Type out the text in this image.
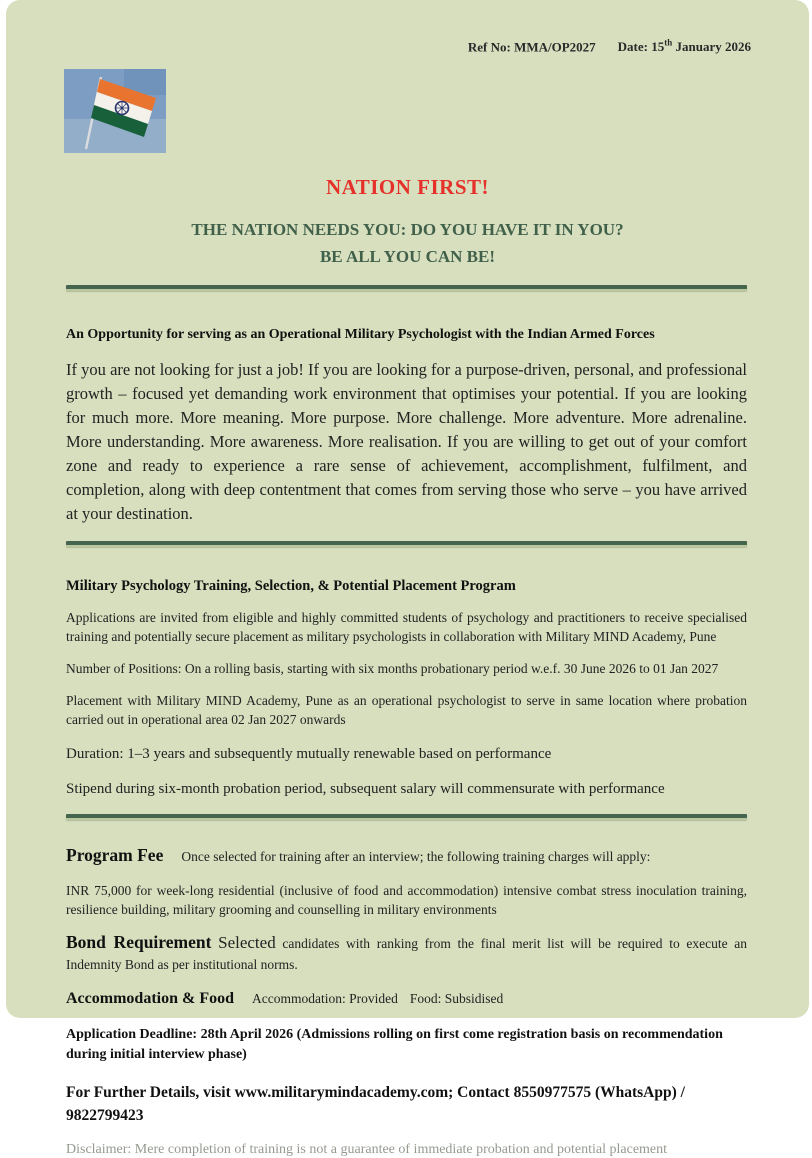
Ref No: MMA/OP2027 Date: 15th January 2026
NATION FIRST!
THE NATION NEEDS YOU: DO YOU HAVE IT IN YOU?
BE ALL YOU CAN BE!
An Opportunity for serving as an Operational Military Psychologist with the Indian Armed Forces
If you are not looking for just a job! If you are looking for a purpose-driven, personal, and professional growth – focused yet demanding work environment that optimises your potential. If you are looking for much more. More meaning. More purpose. More challenge. More adventure. More adrenaline. More understanding. More awareness. More realisation. If you are willing to get out of your comfort zone and ready to experience a rare sense of achievement, accomplishment, fulfilment, and completion, along with deep contentment that comes from serving those who serve – you have arrived at your destination.
Military Psychology Training, Selection, & Potential Placement Program
Applications are invited from eligible and highly committed students of psychology and practitioners to receive specialised training and potentially secure placement as military psychologists in collaboration with Military MIND Academy, Pune
Number of Positions: On a rolling basis, starting with six months probationary period w.e.f. 30 June 2026 to 01 Jan 2027
Placement with Military MIND Academy, Pune as an operational psychologist to serve in same location where probation carried out in operational area 02 Jan 2027 onwards
Duration: 1–3 years and subsequently mutually renewable based on performance
Stipend during six-month probation period, subsequent salary will commensurate with performance
Program Fee Once selected for training after an interview; the following training charges will apply:
INR 75,000 for week-long residential (inclusive of food and accommodation) intensive combat stress inoculation training, resilience building, military grooming and counselling in military environments
Bond Requirement Selected candidates with ranking from the final merit list will be required to execute an Indemnity Bond as per institutional norms.
Accommodation & Food Accommodation: Provided Food: Subsidised
Application Deadline: 28th April 2026 (Admissions rolling on first come registration basis on recommendation during initial interview phase)
For Further Details, visit www.militarymindacademy.com; Contact 8550977575 (WhatsApp) /
9822799423
Disclaimer: Mere completion of training is not a guarantee of immediate probation and potential placement
